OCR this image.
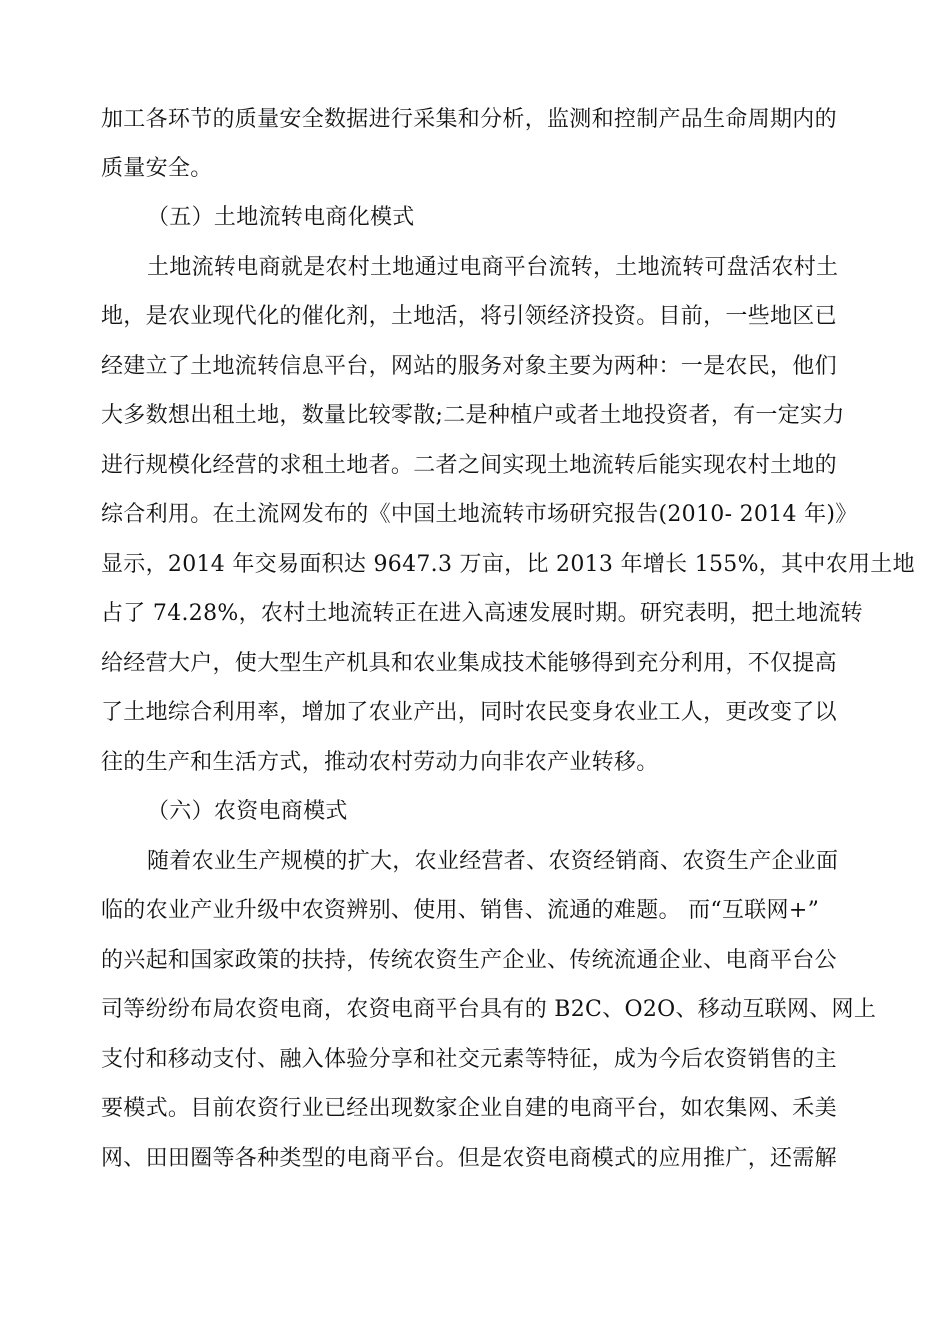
加工各环节的质量安全数据进行采集和分析，监测和控制产品生命周期内的
质量安全。
（五）土地流转电商化模式
土地流转电商就是农村土地通过电商平台流转，土地流转可盘活农村土
地，是农业现代化的催化剂，土地活，将引领经济投资。目前，一些地区已
经建立了土地流转信息平台，网站的服务对象主要为两种：一是农民，他们
大多数想出租土地，数量比较零散;二是种植户或者土地投资者，有一定实力
进行规模化经营的求租土地者。二者之间实现土地流转后能实现农村土地的
综合利用。在土流网发布的《中国土地流转市场研究报告(2010- 2014 年)》
显示，2014 年交易面积达 9647.3 万亩，比 2013 年增长 155%，其中农用土地
占了 74.28%，农村土地流转正在进入高速发展时期。研究表明，把土地流转
给经营大户，使大型生产机具和农业集成技术能够得到充分利用，不仅提高
了土地综合利用率，增加了农业产出，同时农民变身农业工人，更改变了以
往的生产和生活方式，推动农村劳动力向非农产业转移。
（六）农资电商模式
随着农业生产规模的扩大，农业经营者、农资经销商、农资生产企业面
临的农业产业升级中农资辨别、使用、销售、流通的难题。 而“互联网+”
的兴起和国家政策的扶持，传统农资生产企业、传统流通企业、电商平台公
司等纷纷布局农资电商，农资电商平台具有的 B2C、O2O、移动互联网、网上
支付和移动支付、融入体验分享和社交元素等特征，成为今后农资销售的主
要模式。目前农资行业已经出现数家企业自建的电商平台，如农集网、禾美
网、田田圈等各种类型的电商平台。但是农资电商模式的应用推广，还需解
